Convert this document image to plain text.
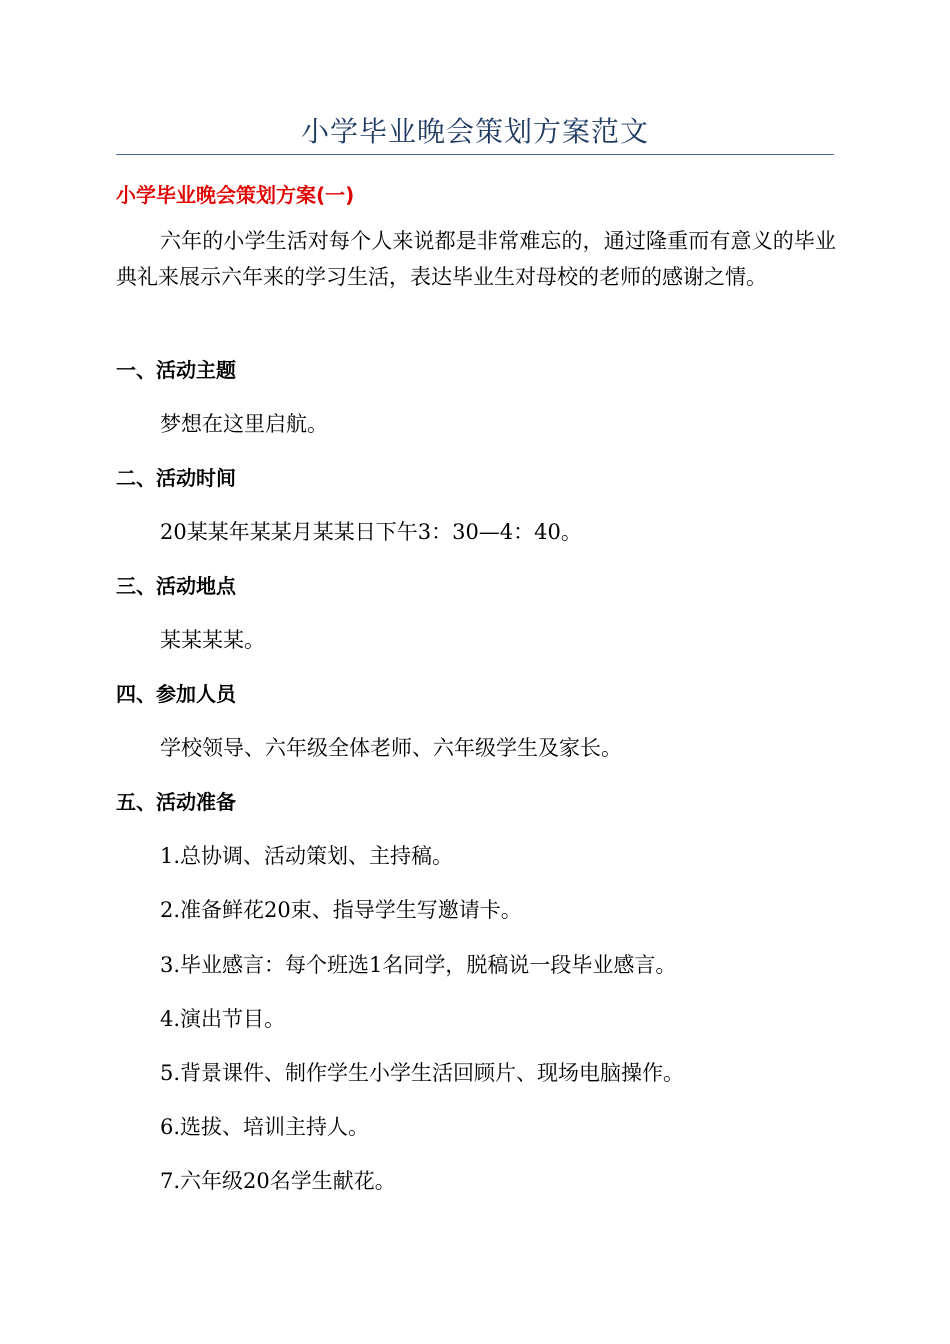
小学毕业晚会策划方案范文
小学毕业晚会策划方案(一)

六年的小学生活对每个人来说都是非常难忘的，通过隆重而有意义的毕业典礼来展示六年来的学习生活，表达毕业生对母校的老师的感谢之情。

一、活动主题
梦想在这里启航。
二、活动时间
20某某年某某月某某日下午3：30—4：40。
三、活动地点
某某某某。
四、参加人员
学校领导、六年级全体老师、六年级学生及家长。
五、活动准备
1.总协调、活动策划、主持稿。
2.准备鲜花20束、指导学生写邀请卡。
3.毕业感言：每个班选1名同学，脱稿说一段毕业感言。
4.演出节目。
5.背景课件、制作学生小学生活回顾片、现场电脑操作。
6.选拔、培训主持人。
7.六年级20名学生献花。
